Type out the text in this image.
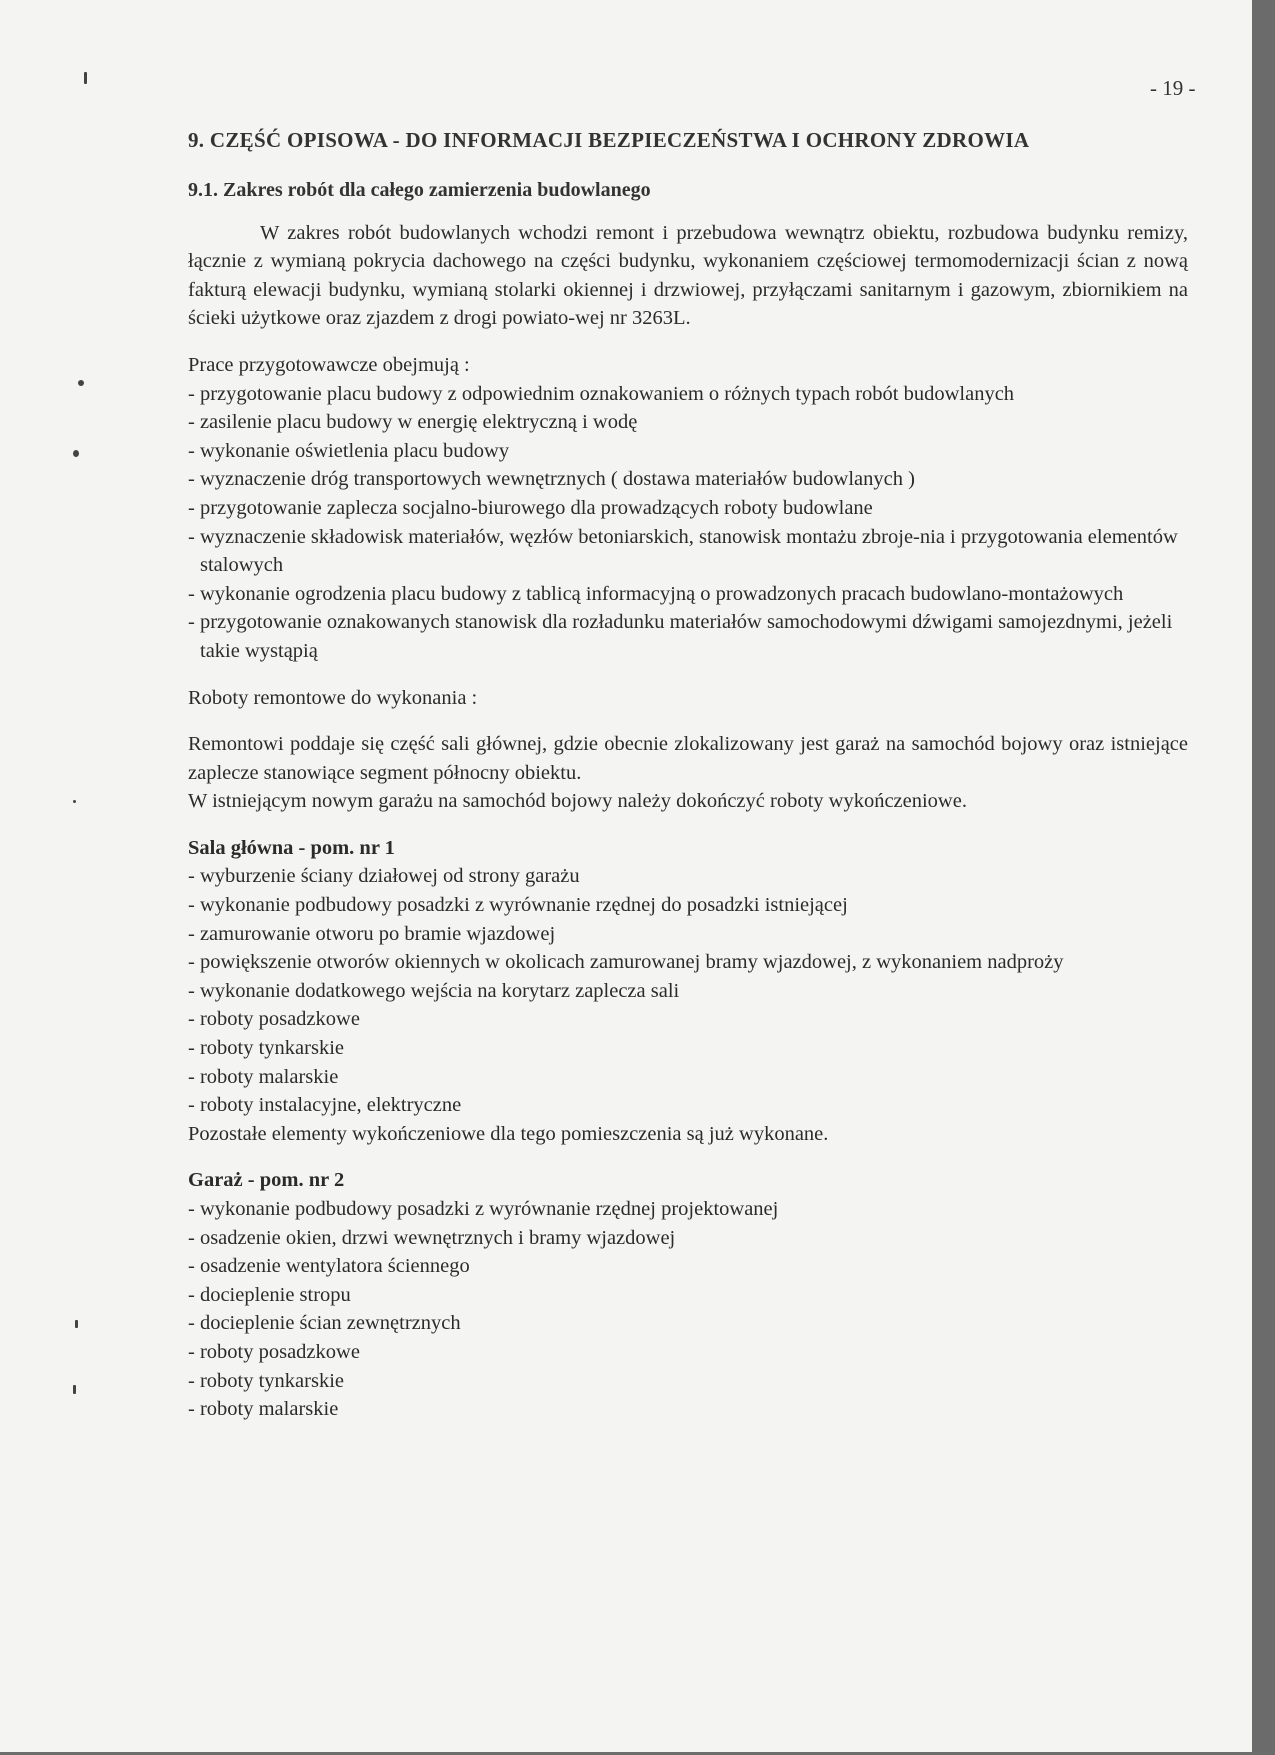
- 19 -
9. CZĘŚĆ OPISOWA - DO INFORMACJI BEZPIECZEŃSTWA I OCHRONY ZDROWIA
9.1. Zakres robót dla całego zamierzenia budowlanego

W zakres robót budowlanych wchodzi remont i przebudowa wewnątrz obiektu, rozbudowa budynku remizy, łącznie z wymianą pokrycia dachowego na części budynku, wykonaniem częściowej termomodernizacji ścian z nową fakturą elewacji budynku, wymianą stolarki okiennej i drzwiowej, przyłączami sanitarnym i gazowym, zbiornikiem na ścieki użytkowe oraz zjazdem z drogi powiato-wej nr 3263L.

Prace przygotowawcze obejmują :

- przygotowanie placu budowy z odpowiednim oznakowaniem o różnych typach robót budowlanych
- zasilenie placu budowy w energię elektryczną i wodę
- wykonanie oświetlenia placu budowy
- wyznaczenie dróg transportowych wewnętrznych ( dostawa materiałów budowlanych )
- przygotowanie zaplecza socjalno-biurowego dla prowadzących roboty budowlane
- wyznaczenie składowisk materiałów, węzłów betoniarskich, stanowisk montażu zbroje-nia i przygotowania elementów stalowych
- wykonanie ogrodzenia placu budowy z tablicą informacyjną o prowadzonych pracach budowlano-montażowych
- przygotowanie oznakowanych stanowisk dla rozładunku materiałów samochodowymi dźwigami samojezdnymi, jeżeli takie wystąpią

Roboty remontowe do wykonania :

Remontowi poddaje się część sali głównej, gdzie obecnie zlokalizowany jest garaż na samochód bojowy oraz istniejące zaplecze stanowiące segment północny obiektu.

W istniejącym nowym garażu na samochód bojowy należy dokończyć roboty wykończeniowe.

Sala główna - pom. nr 1

- wyburzenie ściany działowej od strony garażu
- wykonanie podbudowy posadzki z wyrównanie rzędnej do posadzki istniejącej
- zamurowanie otworu po bramie wjazdowej
- powiększenie otworów okiennych w okolicach zamurowanej bramy wjazdowej, z wykonaniem nadproży
- wykonanie dodatkowego wejścia na korytarz zaplecza sali
- roboty posadzkowe
- roboty tynkarskie
- roboty malarskie
- roboty instalacyjne, elektryczne

Pozostałe elementy wykończeniowe dla tego pomieszczenia są już wykonane.

Garaż - pom. nr 2

- wykonanie podbudowy posadzki z wyrównanie rzędnej projektowanej
- osadzenie okien, drzwi wewnętrznych i bramy wjazdowej
- osadzenie wentylatora ściennego
- docieplenie stropu
- docieplenie ścian zewnętrznych
- roboty posadzkowe
- roboty tynkarskie
- roboty malarskie
